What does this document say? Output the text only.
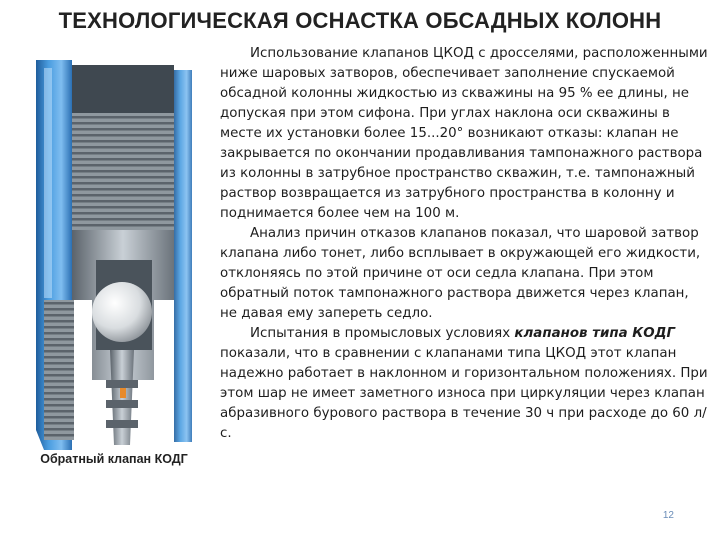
ТЕХНОЛОГИЧЕСКАЯ ОСНАСТКА ОБСАДНЫХ КОЛОНН
Обратный клапан КОДГ

Использование клапанов ЦКОД с дросселями, расположенными ниже шаровых затворов, обеспечивает заполнение спускаемой обсадной колонны жидкостью из скважины на 95 % ее длины, не допуская при этом сифона. При углах наклона оси скважины в месте их установки более 15...20° возникают отказы: клапан не закрывается по окончании продавливания тампонажного раствора из колонны в затрубное пространство скважин, т.е. тампонажный раствор возвращается из затрубного пространства в колонну и поднимается более чем на 100 м.

Анализ причин отказов клапанов показал, что шаровой затвор клапана либо тонет, либо всплывает в окружающей его жидкости, отклоняясь по этой причине от оси седла клапана. При этом обратный поток тампонажного раствора движется через клапан, не давая ему запереть седло.

Испытания в промысловых условиях клапанов типа КОДГ показали, что в сравнении с клапанами типа ЦКОД этот клапан надежно работает в наклонном и горизонтальном положениях. При этом шар не имеет заметного износа при циркуляции через клапан абразивного бурового раствора в течение 30 ч при расходе до 60 л/с.

12
